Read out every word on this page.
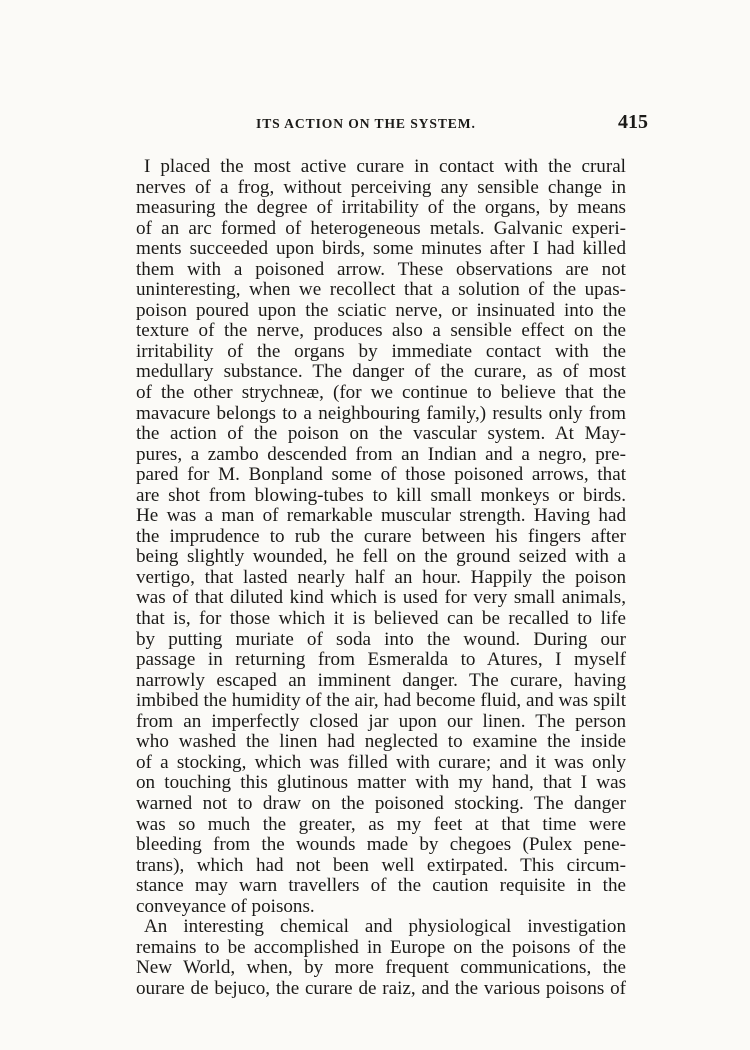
ITS ACTION ON THE SYSTEM.	415
I placed the most active curare in contact with the crural
nerves of a frog, without perceiving any sensible change in
measuring the degree of irritability of the organs, by means
of an arc formed of heterogeneous metals. Galvanic experi-
ments succeeded upon birds, some minutes after I had killed
them with a poisoned arrow. These observations are not
uninteresting, when we recollect that a solution of the upas-
poison poured upon the sciatic nerve, or insinuated into the
texture of the nerve, produces also a sensible effect on the
irritability of the organs by immediate contact with the
medullary substance. The danger of the curare, as of most
of the other strychneæ, (for we continue to believe that the
mavacure belongs to a neighbouring family,) results only from
the action of the poison on the vascular system. At May-
pures, a zambo descended from an Indian and a negro, pre-
pared for M. Bonpland some of those poisoned arrows, that
are shot from blowing-tubes to kill small monkeys or birds.
He was a man of remarkable muscular strength. Having had
the imprudence to rub the curare between his fingers after
being slightly wounded, he fell on the ground seized with a
vertigo, that lasted nearly half an hour. Happily the poison
was of that diluted kind which is used for very small animals,
that is, for those which it is believed can be recalled to life
by putting muriate of soda into the wound. During our
passage in returning from Esmeralda to Atures, I myself
narrowly escaped an imminent danger. The curare, having
imbibed the humidity of the air, had become fluid, and was spilt
from an imperfectly closed jar upon our linen. The person
who washed the linen had neglected to examine the inside
of a stocking, which was filled with curare; and it was only
on touching this glutinous matter with my hand, that I was
warned not to draw on the poisoned stocking. The danger
was so much the greater, as my feet at that time were
bleeding from the wounds made by chegoes (Pulex pene-
trans), which had not been well extirpated. This circum-
stance may warn travellers of the caution requisite in the
conveyance of poisons.
An interesting chemical and physiological investigation
remains to be accomplished in Europe on the poisons of the
New World, when, by more frequent communications, the
ourare de bejuco, the curare de raiz, and the various poisons of
